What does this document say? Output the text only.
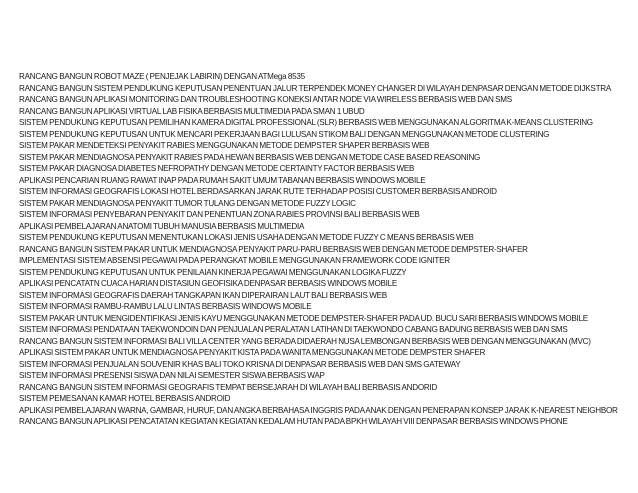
RANCANG BANGUN ROBOT MAZE ( PENJEJAK LABIRIN) DENGAN ATMega 8535
RANCANG BANGUN SISTEM PENDUKUNG KEPUTUSAN PENENTUAN JALUR TERPENDEK MONEY CHANGER DI WILAYAH DENPASAR DENGAN METODE DIJKSTRA
RANCANG BANGUN APLIKASI MONITORING DAN TROUBLESHOOTING KONEKSI ANTAR NODE VIA WIRELESS BERBASIS WEB DAN SMS
RANCANG BANGUN APLIKASI VIRTUAL LAB FISIKA BERBASIS MULTIMEDIA PADA SMAN 1 UBUD
SISTEM PENDUKUNG KEPUTUSAN PEMILIHAN KAMERA DIGITAL PROFESSIONAL (SLR) BERBASIS WEB MENGGUNAKAN ALGORITMA K-MEANS CLUSTERING
SISTEM PENDUKUNG KEPUTUSAN UNTUK MENCARI PEKERJAAN BAGI LULUSAN STIKOM BALI DENGAN MENGGUNAKAN METODE CLUSTERING
SISTEM PAKAR MENDETEKSI PENYAKIT RABIES MENGGUNAKAN METODE DEMPSTER SHAPER BERBASIS WEB
SISTEM PAKAR MENDIAGNOSA PENYAKIT RABIES PADA HEWAN BERBASIS WEB DENGAN METODE CASE BASED REASONING
SISTEM PAKAR DIAGNOSA DIABETES NEFROPATHY DENGAN METODE CERTAINTY FACTOR BERBASIS WEB
APLIKASI PENCARIAN RUANG RAWAT INAP PADA RUMAH SAKIT UMUM TABANAN BERBASIS WINDOWS MOBILE
SISTEM INFORMASI GEOGRAFIS LOKASI HOTEL BERDASARKAN JARAK RUTE TERHADAP POSISI CUSTOMER BERBASIS ANDROID
SISTEM PAKAR MENDIAGNOSA PENYAKIT TUMOR TULANG DENGAN METODE FUZZY LOGIC
SISTEM INFORMASI PENYEBARAN PENYAKIT DAN PENENTUAN ZONA RABIES PROVINSI BALI BERBASIS WEB
APLIKASI PEMBELAJARAN ANATOMI TUBUH MANUSIA BERBASIS MULTIMEDIA
SISTEM PENDUKUNG KEPUTUSAN MENENTUKAN LOKASI JENIS USAHA DENGAN METODE FUZZY C MEANS BERBASIS WEB
RANCANG BANGUN SISTEM PAKAR UNTUK MENDIAGNOSA PENYAKIT PARU-PARU BERBASIS WEB DENGAN METODE DEMPSTER-SHAFER
IMPLEMENTASI SISTEM ABSENSI PEGAWAI PADA PERANGKAT MOBILE MENGGUNAKAN FRAMEWORK CODE IGNITER
SISTEM PENDUKUNG KEPUTUSAN UNTUK PENILAIAN KINERJA PEGAWAI MENGGUNAKAN LOGIKA FUZZY
APLIKASI PENCATATN CUACA HARIAN DISTASIUN GEOFISIKA DENPASAR BERBASIS WINDOWS MOBILE
SISTEM INFORMASI GEOGRAFIS DAERAH TANGKAPAN IKAN DIPERAIRAN LAUT BALI BERBASIS WEB
SISTEM INFORMASI RAMBU-RAMBU LALU LINTAS BERBASIS WINDOWS MOBILE
SISTEM PAKAR UNTUK MENGIDENTIFIKASI JENIS KAYU MENGGUNAKAN METODE DEMPSTER-SHAFER PADA UD. BUCU SARI BERBASIS WINDOWS MOBILE
SISTEM INFORMASI PENDATAAN TAEKWONDOIN DAN PENJUALAN PERALATAN LATIHAN DI TAEKWONDO CABANG BADUNG BERBASIS WEB DAN SMS
RANCANG BANGUN SISTEM INFORMASI BALI VILLA CENTER YANG BERADA DIDAERAH NUSA LEMBONGAN BERBASIS WEB DENGAN MENGGUNAKAN (MVC)
APLIKASI SISTEM PAKAR UNTUK MENDIAGNOSA PENYAKIT KISTA PADA WANITA MENGGUNAKAN METODE DEMPSTER SHAFER
SISTEM INFORMASI PENJUALAN SOUVENIR KHAS BALI TOKO KRISNA DI DENPASAR BERBASIS WEB DAN SMS GATEWAY
SISTEM INFORMASI PRESENSI SISWA DAN NILAI SEMESTER SISWA BERBASIS WAP
RANCANG BANGUN SISTEM INFORMASI GEOGRAFIS TEMPAT BERSEJARAH DI WILAYAH BALI BERBASIS ANDORID
SISTEM PEMESANAN KAMAR HOTEL BERBASIS ANDROID
APLIKASI PEMBELAJARAN WARNA, GAMBAR, HURUF, DAN ANGKA BERBAHASA INGGRIS PADA ANAK DENGAN PENERAPAN KONSEP JARAK K-NEAREST NEIGHBOR
RANCANG BANGUN APLIKASI PENCATATAN KEGIATAN KEGIATAN KEDALAM HUTAN PADA BPKH WILAYAH VIII DENPASAR BERBASIS WINDOWS PHONE
